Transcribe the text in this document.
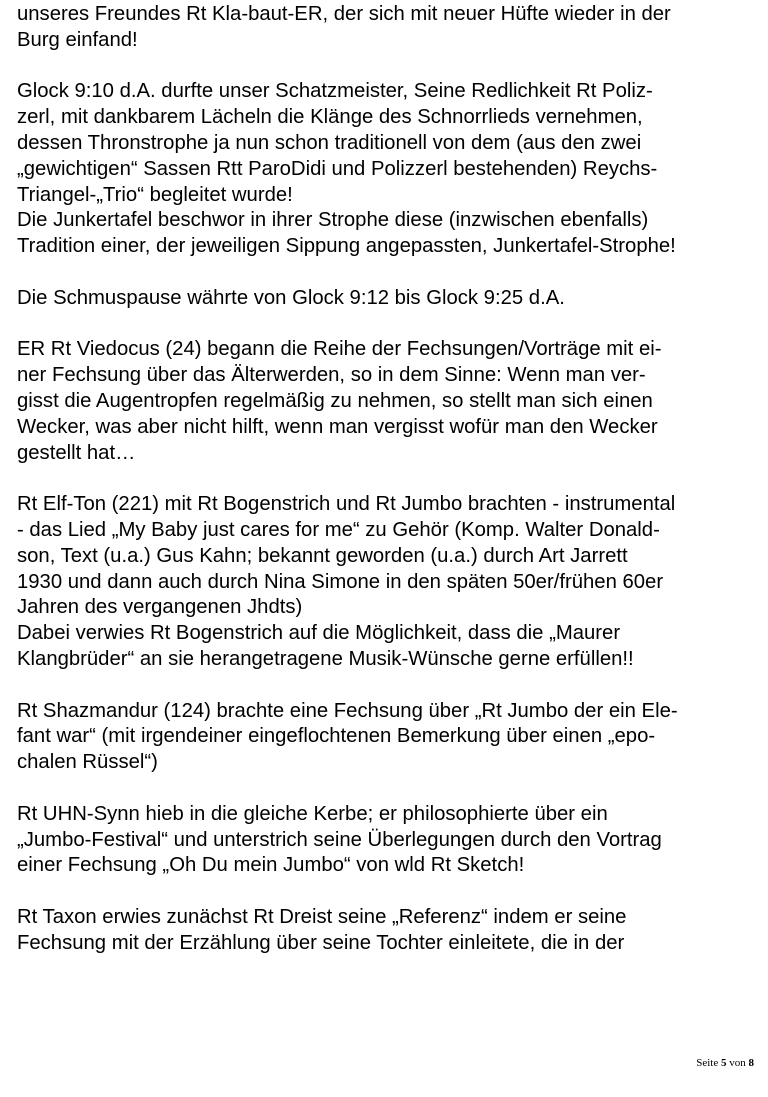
unseres Freundes Rt Kla-baut-ER, der sich mit neuer Hüfte wieder in der
Burg einfand!

Glock 9:10 d.A. durfte unser Schatzmeister, Seine Redlichkeit Rt Poliz-
zerl, mit dankbarem Lächeln die Klänge des Schnorrlieds vernehmen,
dessen Thronstrophe ja nun schon traditionell von dem (aus den zwei
„gewichtigen“ Sassen Rtt ParoDidi und Polizzerl bestehenden) Reychs-
Triangel-„Trio“ begleitet wurde!
Die Junkertafel beschwor in ihrer Strophe diese (inzwischen ebenfalls)
Tradition einer, der jeweiligen Sippung angepassten, Junkertafel-Strophe!

Die Schmuspause währte von Glock 9:12 bis Glock 9:25 d.A.

ER Rt Viedocus (24) begann die Reihe der Fechsungen/Vorträge mit ei-
ner Fechsung über das Älterwerden, so in dem Sinne: Wenn man ver-
gisst die Augentropfen regelmäßig zu nehmen, so stellt man sich einen
Wecker, was aber nicht hilft, wenn man vergisst wofür man den Wecker
gestellt hat…

Rt Elf-Ton (221) mit Rt Bogenstrich und Rt Jumbo brachten - instrumental
- das Lied „My Baby just cares for me“ zu Gehör (Komp. Walter Donald-
son, Text (u.a.) Gus Kahn; bekannt geworden (u.a.) durch Art Jarrett
1930 und dann auch durch Nina Simone in den späten 50er/frühen 60er
Jahren des vergangenen Jhdts)
Dabei verwies Rt Bogenstrich auf die Möglichkeit, dass die „Maurer
Klangbrüder“ an sie herangetragene Musik-Wünsche gerne erfüllen!!

Rt Shazmandur (124) brachte eine Fechsung über „Rt Jumbo der ein Ele-
fant war“ (mit irgendeiner eingeflochtenen Bemerkung über einen „epo-
chalen Rüssel“)

Rt UHN-Synn hieb in die gleiche Kerbe; er philosophierte über ein
„Jumbo-Festival“ und unterstrich seine Überlegungen durch den Vortrag
einer Fechsung „Oh Du mein Jumbo“ von wld Rt Sketch!

Rt Taxon erwies zunächst Rt Dreist seine „Referenz“ indem er seine
Fechsung mit der Erzählung über seine Tochter einleitete, die in der

Seite 5 von 8
